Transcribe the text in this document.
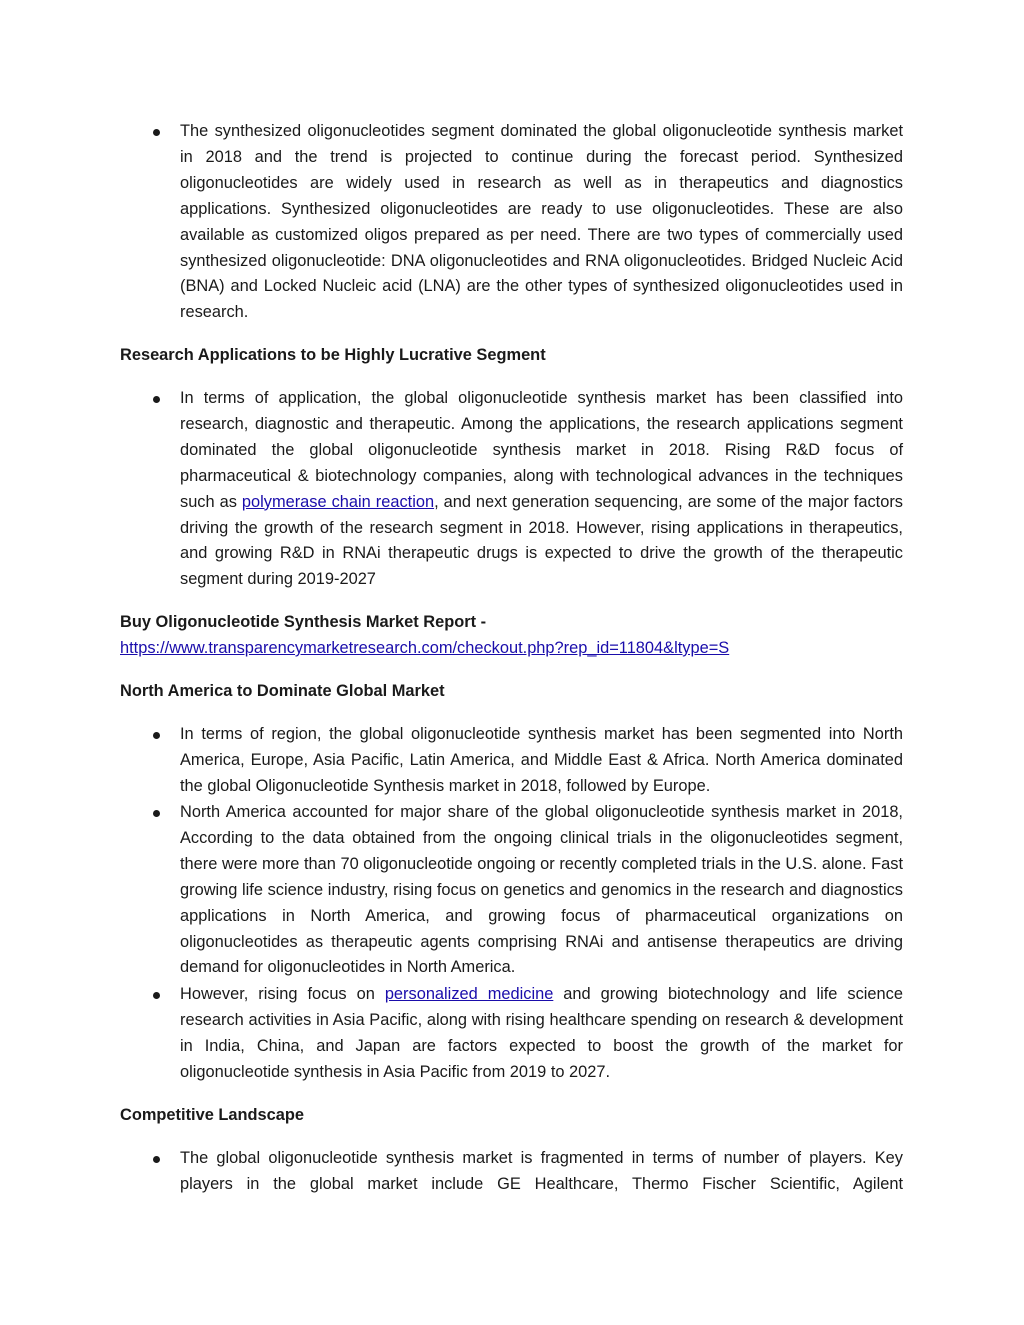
The synthesized oligonucleotides segment dominated the global oligonucleotide synthesis market in 2018 and the trend is projected to continue during the forecast period. Synthesized oligonucleotides are widely used in research as well as in therapeutics and diagnostics applications. Synthesized oligonucleotides are ready to use oligonucleotides. These are also available as customized oligos prepared as per need. There are two types of commercially used synthesized oligonucleotide: DNA oligonucleotides and RNA oligonucleotides. Bridged Nucleic Acid (BNA) and Locked Nucleic acid (LNA) are the other types of synthesized oligonucleotides used in research.
Research Applications to be Highly Lucrative Segment
In terms of application, the global oligonucleotide synthesis market has been classified into research, diagnostic and therapeutic. Among the applications, the research applications segment dominated the global oligonucleotide synthesis market in 2018. Rising R&D focus of pharmaceutical & biotechnology companies, along with technological advances in the techniques such as polymerase chain reaction, and next generation sequencing, are some of the major factors driving the growth of the research segment in 2018. However, rising applications in therapeutics, and growing R&D in RNAi therapeutic drugs is expected to drive the growth of the therapeutic segment during 2019-2027
Buy Oligonucleotide Synthesis Market Report -
https://www.transparencymarketresearch.com/checkout.php?rep_id=11804&ltype=S
North America to Dominate Global Market
In terms of region, the global oligonucleotide synthesis market has been segmented into North America, Europe, Asia Pacific, Latin America, and Middle East & Africa. North America dominated the global Oligonucleotide Synthesis market in 2018, followed by Europe.
North America accounted for major share of the global oligonucleotide synthesis market in 2018, According to the data obtained from the ongoing clinical trials in the oligonucleotides segment, there were more than 70 oligonucleotide ongoing or recently completed trials in the U.S. alone. Fast growing life science industry, rising focus on genetics and genomics in the research and diagnostics applications in North America, and growing focus of pharmaceutical organizations on oligonucleotides as therapeutic agents comprising RNAi and antisense therapeutics are driving demand for oligonucleotides in North America.
However, rising focus on personalized medicine and growing biotechnology and life science research activities in Asia Pacific, along with rising healthcare spending on research & development in India, China, and Japan are factors expected to boost the growth of the market for oligonucleotide synthesis in Asia Pacific from 2019 to 2027.
Competitive Landscape
The global oligonucleotide synthesis market is fragmented in terms of number of players. Key players in the global market include GE Healthcare, Thermo Fischer Scientific, Agilent
